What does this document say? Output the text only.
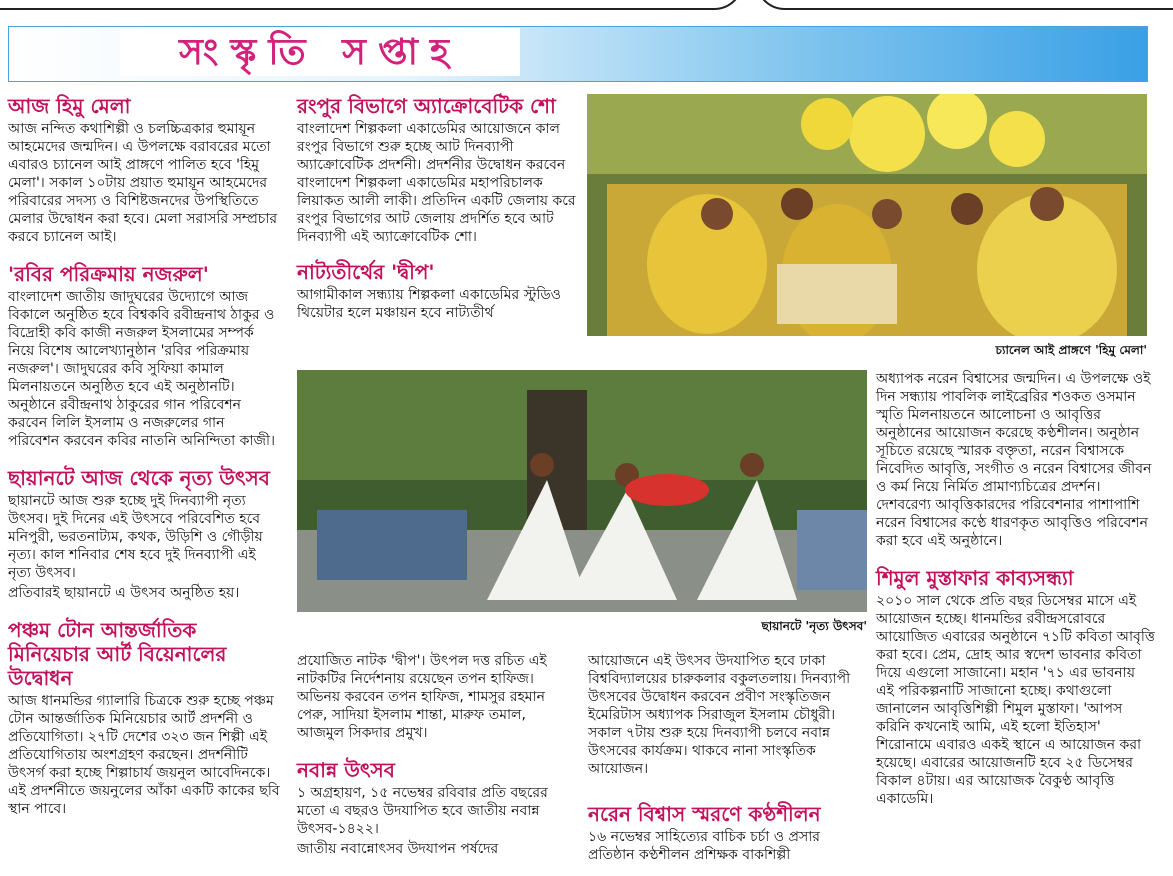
সংস্কৃতি সপ্তাহ
আজ হিমু মেলা

আজ নন্দিত কথাশিল্পী ও চলচ্চিত্রকার হুমায়ূন আহমেদের জন্মদিন। এ উপলক্ষে বরাবরের মতো এবারও চ্যানেল আই প্রাঙ্গণে পালিত হবে 'হিমু মেলা'। সকাল ১০টায় প্রয়াত হুমায়ূন আহমেদের পরিবারের সদস্য ও বিশিষ্টজনদের উপস্থিতিতে মেলার উদ্বোধন করা হবে। মেলা সরাসরি সম্প্রচার করবে চ্যানেল আই।

'রবির পরিক্রমায় নজরুল'

বাংলাদেশ জাতীয় জাদুঘরের উদ্যোগে আজ বিকালে অনুষ্ঠিত হবে বিশ্বকবি রবীন্দ্রনাথ ঠাকুর ও বিদ্রোহী কবি কাজী নজরুল ইসলামের সম্পর্ক নিয়ে বিশেষ আলেখ্যানুষ্ঠান 'রবির পরিক্রমায় নজরুল'। জাদুঘরের কবি সুফিয়া কামাল মিলনায়তনে অনুষ্ঠিত হবে এই অনুষ্ঠানটি। অনুষ্ঠানে রবীন্দ্রনাথ ঠাকুরের গান পরিবেশন করবেন লিলি ইসলাম ও নজরুলের গান পরিবেশন করবেন কবির নাতনি অনিন্দিতা কাজী।

ছায়ানটে আজ থেকে নৃত্য উৎসব

ছায়ানটে আজ শুরু হচ্ছে দুই দিনব্যাপী নৃত্য উৎসব। দুই দিনের এই উৎসবে পরিবেশিত হবে মনিপুরী, ভরতনাট্যম, কথক, উড়িশি ও গৌড়ীয় নৃত্য। কাল শনিবার শেষ হবে দুই দিনব্যাপী এই নৃত্য উৎসব।

প্রতিবারই ছায়ানটে এ উৎসব অনুষ্ঠিত হয়।

পঞ্চম টোন আন্তর্জাতিক মিনিয়েচার আর্ট বিয়েনালের উদ্বোধন

আজ ধানমন্ডির গ্যালারি চিত্রকে শুরু হচ্ছে পঞ্চম টোন আন্তর্জাতিক মিনিয়েচার আর্ট প্রদর্শনী ও প্রতিযোগিতা। ২৭টি দেশের ৩২৩ জন শিল্পী এই প্রতিযোগিতায় অংশগ্রহণ করছেন। প্রদর্শনীটি উৎসর্গ করা হচ্ছে শিল্পাচার্য জয়নুল আবেদিনকে। এই প্রদর্শনীতে জয়নুলের আঁকা একটি কাকের ছবি স্থান পাবে।

রংপুর বিভাগে অ্যাক্রোবেটিক শো

বাংলাদেশ শিল্পকলা একাডেমির আয়োজনে কাল রংপুর বিভাগে শুরু হচ্ছে আট দিনব্যাপী অ্যাক্রোবেটিক প্রদর্শনী। প্রদর্শনীর উদ্বোধন করবেন বাংলাদেশ শিল্পকলা একাডেমির মহাপরিচালক লিয়াকত আলী লাকী। প্রতিদিন একটি জেলায় করে রংপুর বিভাগের আট জেলায় প্রদর্শিত হবে আট দিনব্যাপী এই অ্যাক্রোবেটিক শো।

নাট্যতীর্থের 'দ্বীপ'

আগামীকাল সন্ধ্যায় শিল্পকলা একাডেমির স্টুডিও থিয়েটার হলে মঞ্চায়ন হবে নাট্যতীর্থ

চ্যানেল আই প্রাঙ্গণে 'হিমু মেলা'
ছায়ানটে 'নৃত্য উৎসব'

অধ্যাপক নরেন বিশ্বাসের জন্মদিন। এ উপলক্ষে ওই দিন সন্ধ্যায় পাবলিক লাইব্রেরির শওকত ওসমান স্মৃতি মিলনায়তনে আলোচনা ও আবৃত্তির অনুষ্ঠানের আয়োজন করেছে কণ্ঠশীলন। অনুষ্ঠান সূচিতে রয়েছে স্মারক বক্তৃতা, নরেন বিশ্বাসকে নিবেদিত আবৃত্তি, সংগীত ও নরেন বিশ্বাসের জীবন ও কর্ম নিয়ে নির্মিত প্রামাণ্যচিত্রের প্রদর্শন। দেশবরেণ্য আবৃত্তিকারদের পরিবেশনার পাশাপাশি নরেন বিশ্বাসের কণ্ঠে ধারণকৃত আবৃত্তিও পরিবেশন করা হবে এই অনুষ্ঠানে।

শিমুল মুস্তাফার কাব্যসন্ধ্যা

২০১০ সাল থেকে প্রতি বছর ডিসেম্বর মাসে এই আয়োজন হচ্ছে। ধানমন্ডির রবীন্দ্রসরোবরে আয়োজিত এবারের অনুষ্ঠানে ৭১টি কবিতা আবৃত্তি করা হবে। প্রেম, দ্রোহ আর স্বদেশ ভাবনার কবিতা দিয়ে এগুলো সাজানো। মহান '৭১ এর ভাবনায় এই পরিকল্পনাটি সাজানো হচ্ছে। কথাগুলো জানালেন আবৃত্তিশিল্পী শিমুল মুস্তাফা। 'আপস করিনি কখনোই আমি, এই হলো ইতিহাস' শিরোনামে এবারও একই স্থানে এ আয়োজন করা হয়েছে। এবারের আয়োজনটি হবে ২৫ ডিসেম্বর বিকাল ৪টায়। এর আয়োজক বৈকুণ্ঠ আবৃত্তি একাডেমি।

প্রযোজিত নাটক 'দ্বীপ'। উৎপল দত্ত রচিত এই নাটকটির নির্দেশনায় রয়েছেন তপন হাফিজ। অভিনয় করবেন তপন হাফিজ, শামসুর রহমান পেরু, সাদিয়া ইসলাম শান্তা, মারুফ তমাল, আজমুল সিকদার প্রমুখ।

নবান্ন উৎসব

১ অগ্রহায়ণ, ১৫ নভেম্বর রবিবার প্রতি বছরের মতো এ বছরও উদযাপিত হবে জাতীয় নবান্ন উৎসব-১৪২২।

জাতীয় নবান্নোৎসব উদযাপন পর্ষদের

আয়োজনে এই উৎসব উদযাপিত হবে ঢাকা বিশ্ববিদ্যালয়ের চারুকলার বকুলতলায়। দিনব্যাপী উৎসবের উদ্বোধন করবেন প্রবীণ সংস্কৃতিজন ইমেরিটাস অধ্যাপক সিরাজুল ইসলাম চৌধুরী। সকাল ৭টায় শুরু হয়ে দিনব্যাপী চলবে নবান্ন উৎসবের কার্যক্রম। থাকবে নানা সাংস্কৃতিক আয়োজন।

নরেন বিশ্বাস স্মরণে কণ্ঠশীলন

১৬ নভেম্বর সাহিত্যের বাচিক চর্চা ও প্রসার প্রতিষ্ঠান কণ্ঠশীলন প্রশিক্ষক বাকশিল্পী
